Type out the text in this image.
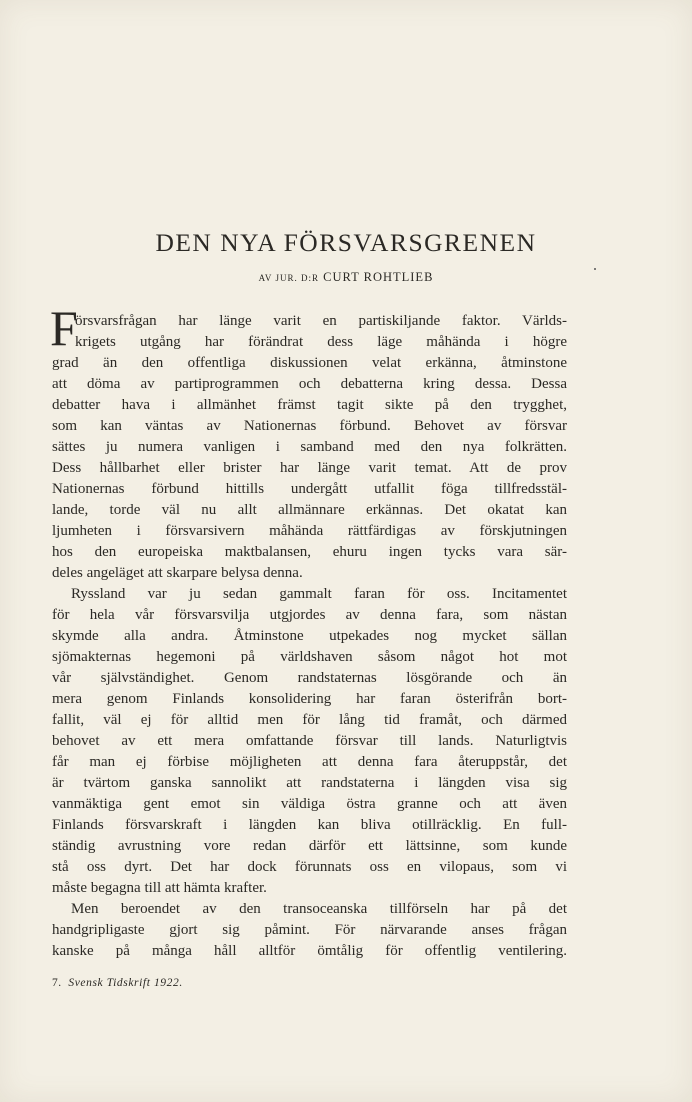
DEN NYA FÖRSVARSGRENEN
AV JUR. D:R CURT ROHTLIEB
F
örsvarsfrågan har länge varit en partiskiljande faktor. Världs-
krigets utgång har förändrat dess läge måhända i högre
grad än den offentliga diskussionen velat erkänna, åtminstone
att döma av partiprogrammen och debatterna kring dessa. Dessa
debatter hava i allmänhet främst tagit sikte på den trygghet,
som kan väntas av Nationernas förbund. Behovet av försvar
sättes ju numera vanligen i samband med den nya folkrätten.
Dess hållbarhet eller brister har länge varit temat. Att de prov
Nationernas förbund hittills undergått utfallit föga tillfredsstäl-
lande, torde väl nu allt allmännare erkännas. Det okatat kan
ljumheten i försvarsivern måhända rättfärdigas av förskjutningen
hos den europeiska maktbalansen, ehuru ingen tycks vara sär-
deles angeläget att skarpare belysa denna.
Ryssland var ju sedan gammalt faran för oss. Incitamentet
för hela vår försvarsvilja utgjordes av denna fara, som nästan
skymde alla andra. Åtminstone utpekades nog mycket sällan
sjömakternas hegemoni på världshaven såsom något hot mot
vår självständighet. Genom randstaternas lösgörande och än
mera genom Finlands konsolidering har faran österifrån bort-
fallit, väl ej för alltid men för lång tid framåt, och därmed
behovet av ett mera omfattande försvar till lands. Naturligtvis
får man ej förbise möjligheten att denna fara återuppstår, det
är tvärtom ganska sannolikt att randstaterna i längden visa sig
vanmäktiga gent emot sin väldiga östra granne och att även
Finlands försvarskraft i längden kan bliva otillräcklig. En full-
ständig avrustning vore redan därför ett lättsinne, som kunde
stå oss dyrt. Det har dock förunnats oss en vilopaus, som vi
måste begagna till att hämta krafter.
Men beroendet av den transoceanska tillförseln har på det
handgripligaste gjort sig påmint. För närvarande anses frågan
kanske på många håll alltför ömtålig för offentlig ventilering.
7. Svensk Tidskrift 1922.
